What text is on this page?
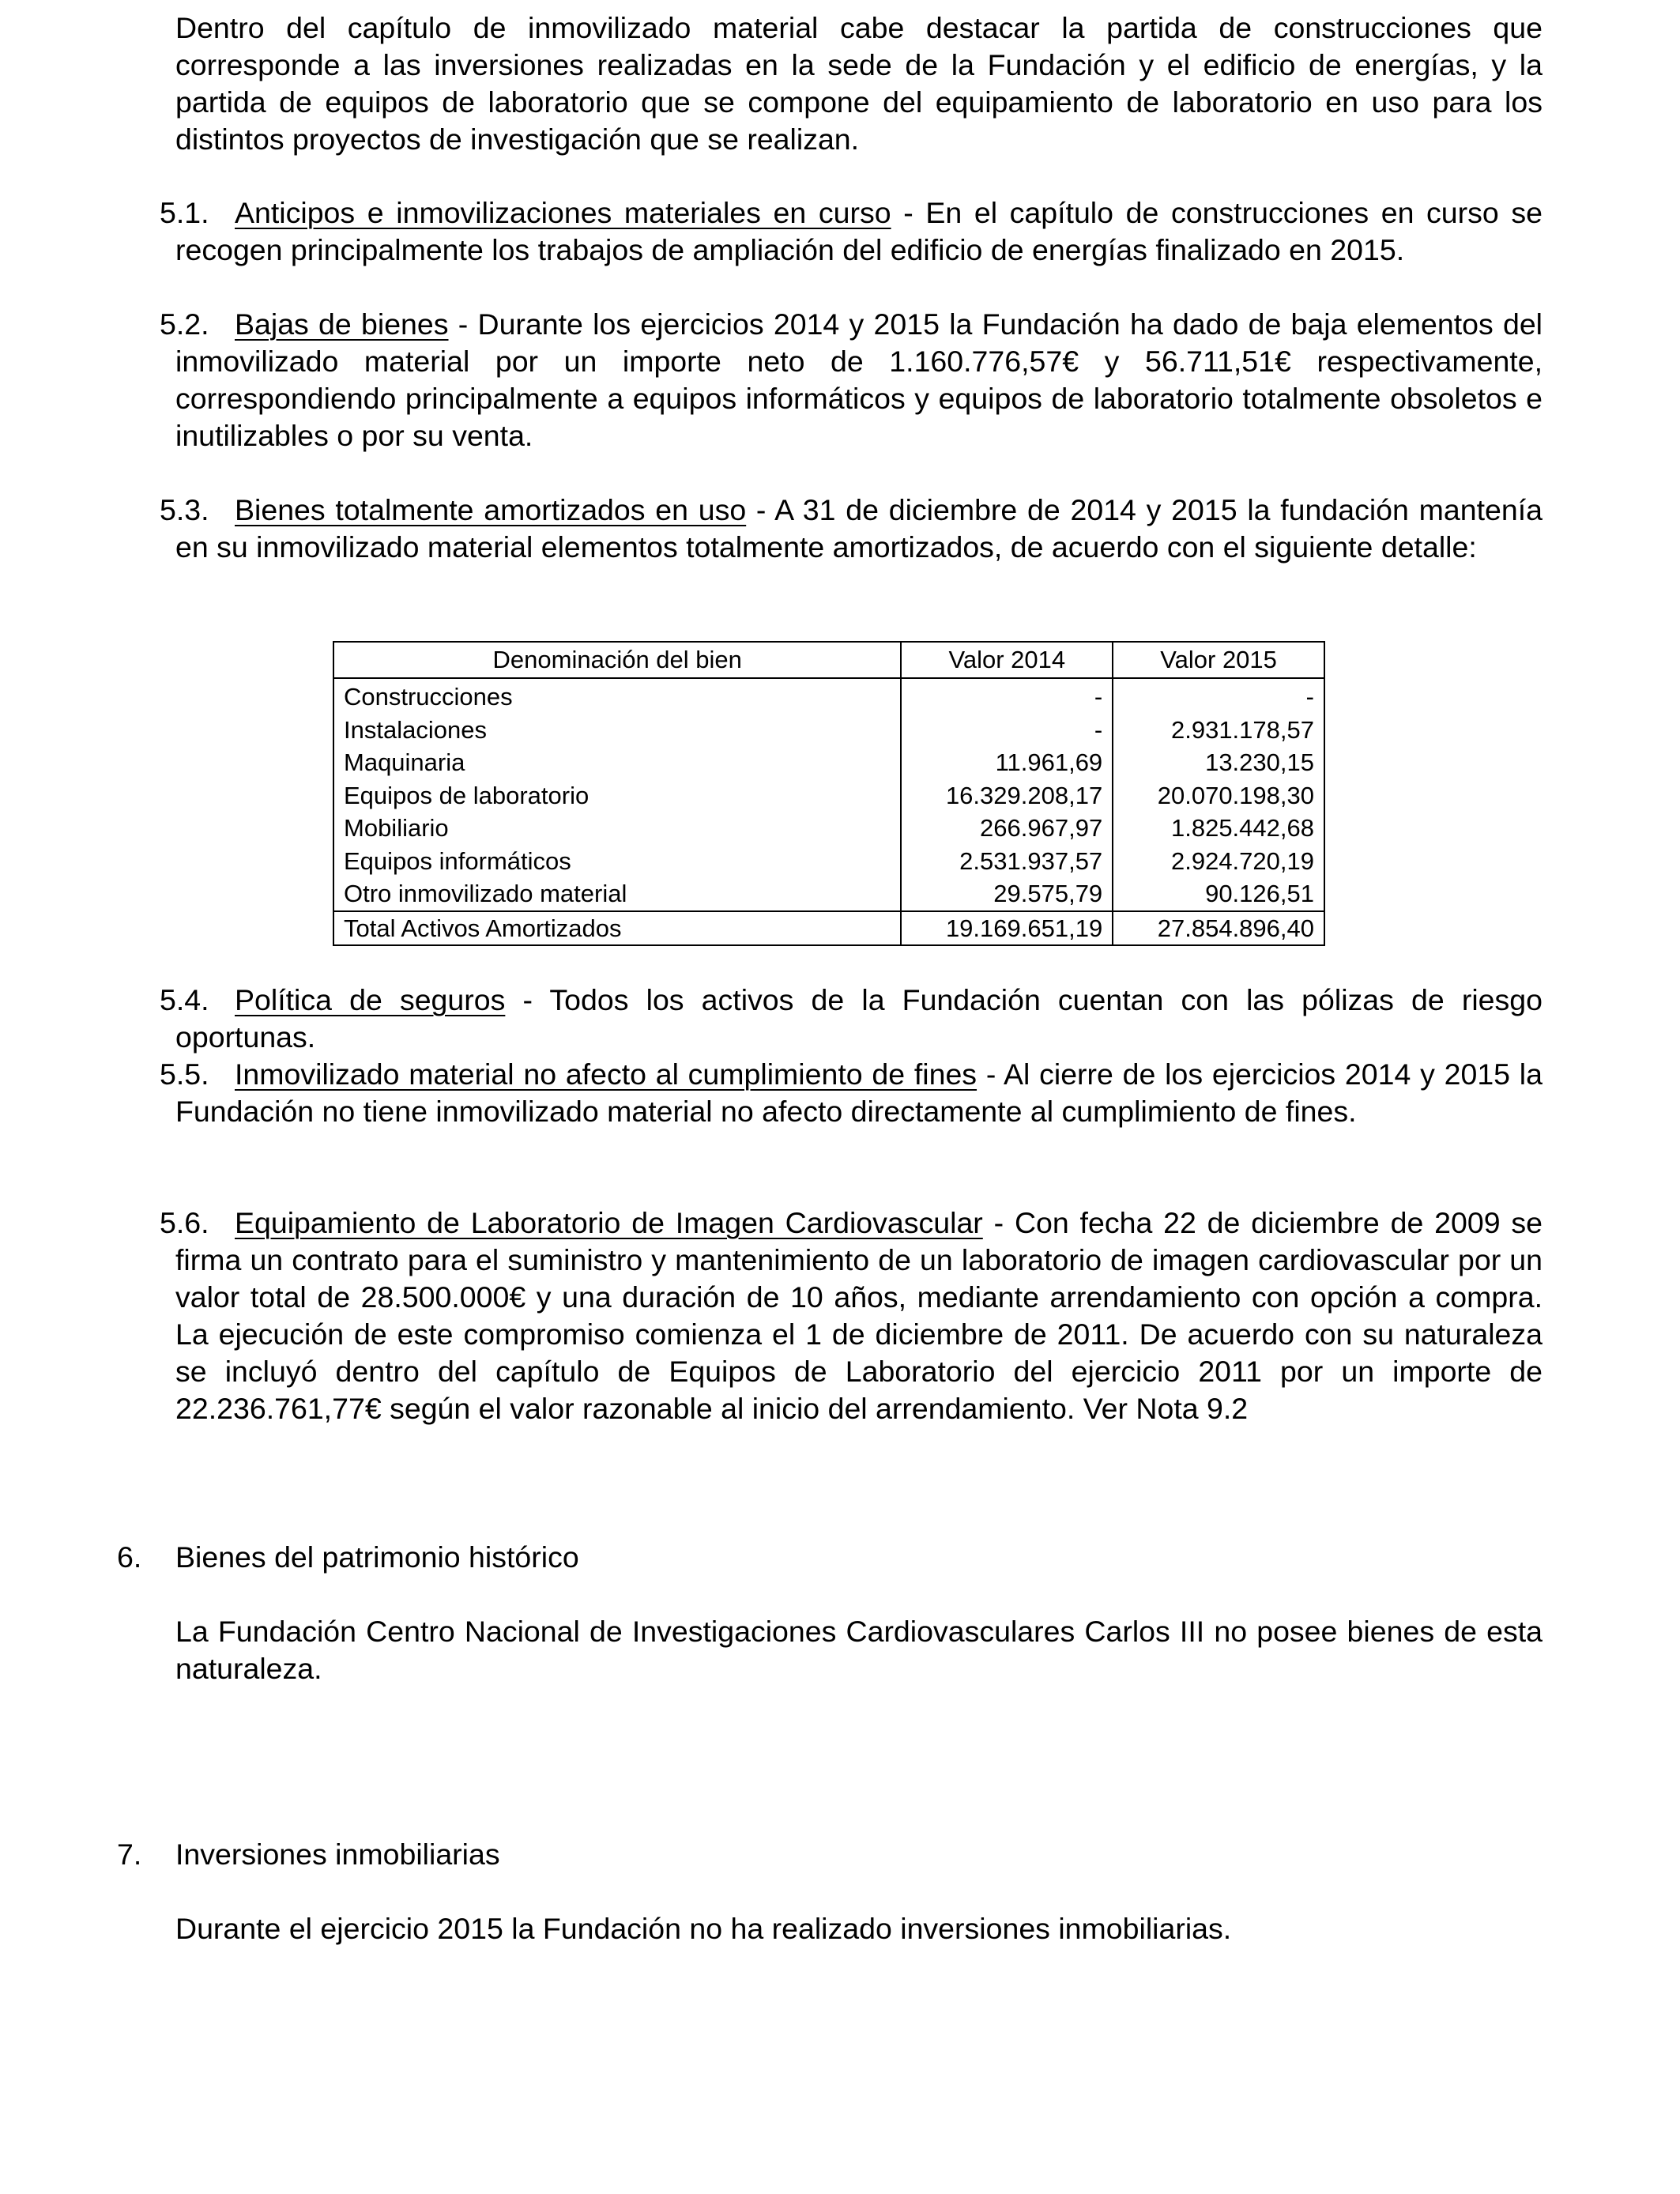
Dentro del capítulo de inmovilizado material cabe destacar la partida de construcciones que corresponde a las inversiones realizadas en la sede de la Fundación y el edificio de energías, y la partida de equipos de laboratorio que se compone del equipamiento de laboratorio en uso para los distintos proyectos de investigación que se realizan.
5.1. Anticipos e inmovilizaciones materiales en curso - En el capítulo de construcciones en curso se recogen principalmente los trabajos de ampliación del edificio de energías finalizado en 2015.
5.2. Bajas de bienes - Durante los ejercicios 2014 y 2015 la Fundación ha dado de baja elementos del inmovilizado material por un importe neto de 1.160.776,57€ y 56.711,51€ respectivamente, correspondiendo principalmente a equipos informáticos y equipos de laboratorio totalmente obsoletos e inutilizables o por su venta.
5.3. Bienes totalmente amortizados en uso - A 31 de diciembre de 2014 y 2015 la fundación mantenía en su inmovilizado material elementos totalmente amortizados, de acuerdo con el siguiente detalle:
Denominación del bien	Valor 2014	Valor 2015
Construcciones	-	-
Instalaciones	-	2.931.178,57
Maquinaria	11.961,69	13.230,15
Equipos de laboratorio	16.329.208,17	20.070.198,30
Mobiliario	266.967,97	1.825.442,68
Equipos informáticos	2.531.937,57	2.924.720,19
Otro inmovilizado material	29.575,79	90.126,51
Total Activos Amortizados	19.169.651,19	27.854.896,40
5.4. Política de seguros - Todos los activos de la Fundación cuentan con las pólizas de riesgo oportunas.
5.5. Inmovilizado material no afecto al cumplimiento de fines - Al cierre de los ejercicios 2014 y 2015 la Fundación no tiene inmovilizado material no afecto directamente al cumplimiento de fines.
5.6. Equipamiento de Laboratorio de Imagen Cardiovascular - Con fecha 22 de diciembre de 2009 se firma un contrato para el suministro y mantenimiento de un laboratorio de imagen cardiovascular por un valor total de 28.500.000€ y una duración de 10 años, mediante arrendamiento con opción a compra. La ejecución de este compromiso comienza el 1 de diciembre de 2011. De acuerdo con su naturaleza se incluyó dentro del capítulo de Equipos de Laboratorio del ejercicio 2011 por un importe de 22.236.761,77€ según el valor razonable al inicio del arrendamiento. Ver Nota 9.2
6. Bienes del patrimonio histórico
La Fundación Centro Nacional de Investigaciones Cardiovasculares Carlos III no posee bienes de esta naturaleza.
7. Inversiones inmobiliarias
Durante el ejercicio 2015 la Fundación no ha realizado inversiones inmobiliarias.
